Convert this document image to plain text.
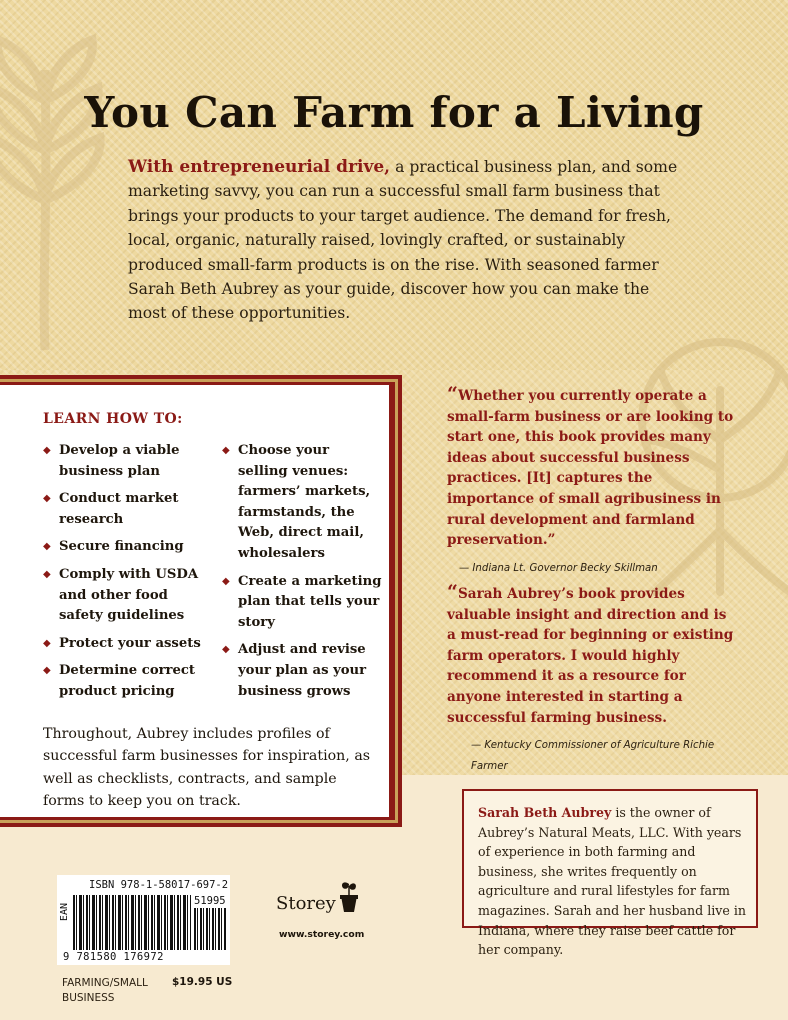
You Can Farm for a Living

With entrepreneurial drive, a practical business plan, and some marketing savvy, you can run a successful small farm business that brings your products to your target audience. The demand for fresh, local, organic, naturally raised, lovingly crafted, or sustainably produced small-farm products is on the rise. With seasoned farmer Sarah Beth Aubrey as your guide, discover how you can make the most of these opportunities.

LEARN HOW TO:
◆ Develop a viable business plan
◆ Conduct market research
◆ Secure financing
◆ Comply with USDA and other food safety guidelines
◆ Protect your assets
◆ Determine correct product pricing
◆ Choose your selling venues: farmers’ markets, farmstands, the Web, direct mail, wholesalers
◆ Create a marketing plan that tells your story
◆ Adjust and revise your plan as your business grows

Throughout, Aubrey includes profiles of successful farm businesses for inspiration, as well as checklists, contracts, and sample forms to keep you on track.

“Whether you currently operate a small-farm business or are looking to start one, this book provides many ideas about successful business practices. [It] captures the importance of small agribusiness in rural development and farmland preservation.”

— Indiana Lt. Governor Becky Skillman

“Sarah Aubrey’s book provides valuable insight and direction and is a must-read for beginning or existing farm operators. I would highly recommend it as a resource for anyone interested in starting a successful farming business.

— Kentucky Commissioner of Agriculture Richie Farmer

Sarah Beth Aubrey is the owner of Aubrey’s Natural Meats, LLC. With years of experience in both farming and business, she writes frequently on agriculture and rural lifestyles for farm magazines. Sarah and her husband live in Indiana, where they raise beef cattle for her company.

ISBN 978-1-58017-697-2
EAN
51995
9 781580 176972

FARMING/SMALL BUSINESS

$19.95 US

Storey
www.storey.com
